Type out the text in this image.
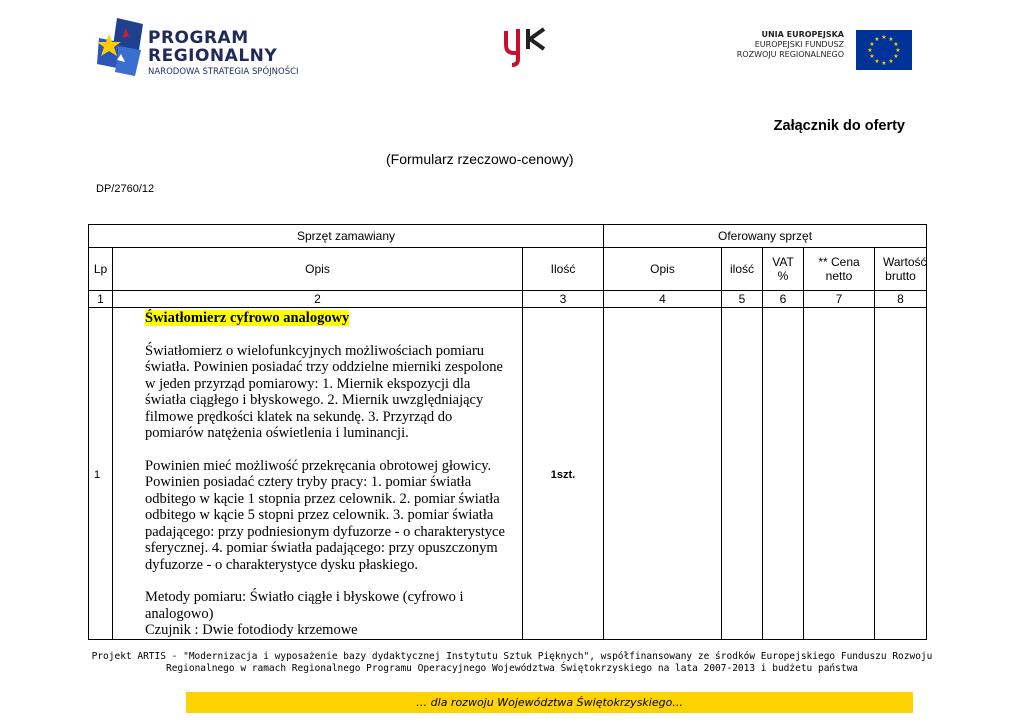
PROGRAM
REGIONALNY
NARODOWA STRATEGIA SPÓJNOŚCI
UNIA EUROPEJSKA
EUROPEJSKI FUNDUSZ
ROZWOJU REGIONALNEGO
★ ★
★
★
★
★
★
★
★
★
★
★
Załącznik do oferty
(Formularz rzeczowo-cenowy)
DP/2760/12
Sprzęt zamawiany			Oferowany sprzęt				
Lp	Opis	Ilość	Opis	ilość	VAT %	** Cena netto	Wartość brutto
1	2	3	4	5	6	7	8
1	Światłomierz cyfrowo analogowy

Światłomierz o wielofunkcyjnych możliwościach pomiaru światła. Powinien posiadać trzy oddzielne mierniki zespolone w jeden przyrząd pomiarowy: 1. Miernik ekspozycji dla światła ciągłego i błyskowego. 2. Miernik uwzględniający filmowe prędkości klatek na sekundę. 3. Przyrząd do pomiarów natężenia oświetlenia i luminancji.

Powinien mieć możliwość przekręcania obrotowej głowicy. Powinien posiadać cztery tryby pracy: 1. pomiar światła odbitego w kącie 1 stopnia przez celownik. 2. pomiar światła odbitego w kącie 5 stopni przez celownik. 3. pomiar światła padającego: przy podniesionym dyfuzorze - o charakterystyce sferycznej. 4. pomiar światła padającego: przy opuszczonym dyfuzorze - o charakterystyce dysku płaskiego.

Metody pomiaru: Światło ciągłe i błyskowe (cyfrowo i analogowo)

Czujnik : Dwie fotodiody krzemowe	1szt.					
Projekt ARTIS - "Modernizacja i wyposażenie bazy dydaktycznej Instytutu Sztuk Pięknych", współfinansowany ze środków Europejskiego Funduszu Rozwoju Regionalnego w ramach Regionalnego Programu Operacyjnego Województwa Świętokrzyskiego na lata 2007-2013 i budżetu państwa
… dla rozwoju Województwa Świętokrzyskiego...
